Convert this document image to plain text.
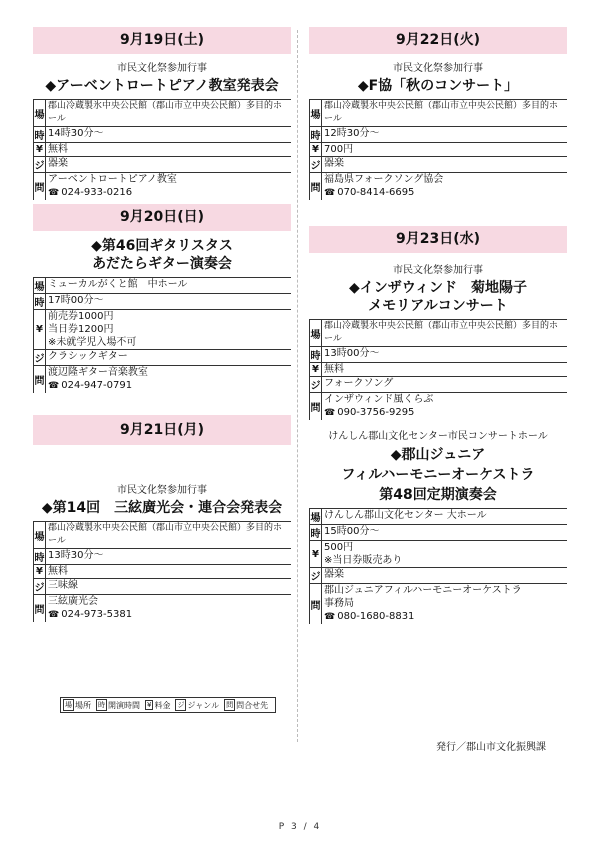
9月19日(土)
市民文化祭参加行事
◆アーベントロートピアノ教室発表会
場
郡山冷蔵製氷中央公民館（郡山市立中央公民館）多目的ホール
時 14時30分～
¥ 無料
ジ 器楽
問
アーベントロートピアノ教室
☎ 024-933-0216
9月20日(日)
◆第46回ギタリスタス
あだたらギター演奏会
場 ミューカルがくと館　中ホール
時 17時00分～
¥
前売券1000円
当日券1200円
※未就学児入場不可
ジ クラシックギター
問
渡辺隆ギター音楽教室
☎ 024-947-0791
9月21日(月)
市民文化祭参加行事
◆第14回　三絃廣光会・連合会発表会
場
郡山冷蔵製氷中央公民館（郡山市立中央公民館）多目的ホール
時 13時30分～
¥ 無料
ジ 三味線
問
三絃廣光会
☎ 024-973-5381
9月22日(火)
市民文化祭参加行事
◆F協「秋のコンサート」
場
郡山冷蔵製氷中央公民館（郡山市立中央公民館）多目的ホール
時 12時30分～
¥ 700円
ジ 器楽
問
福島県フォークソング協会
☎ 070-8414-6695
9月23日(水)
市民文化祭参加行事
◆インザウィンド　菊地陽子
メモリアルコンサート
場
郡山冷蔵製氷中央公民館（郡山市立中央公民館）多目的ホール
時 13時00分～
¥ 無料
ジ フォークソング
問
インザウィンド風くらぶ
☎ 090-3756-9295
けんしん郡山文化センター市民コンサートホール
◆郡山ジュニア
フィルハーモニーオーケストラ
第48回定期演奏会
場 けんしん郡山文化センター 大ホール
時 15時00分～
¥
500円
※当日券販売あり
ジ 器楽
問
郡山ジュニアフィルハーモニーオーケストラ
事務局
☎ 080-1680-8831
場 場所 時 開演時間 ¥ 料金 ジ ジャンル 問 問合せ先
発行／郡山市文化振興課
P 3 / 4
